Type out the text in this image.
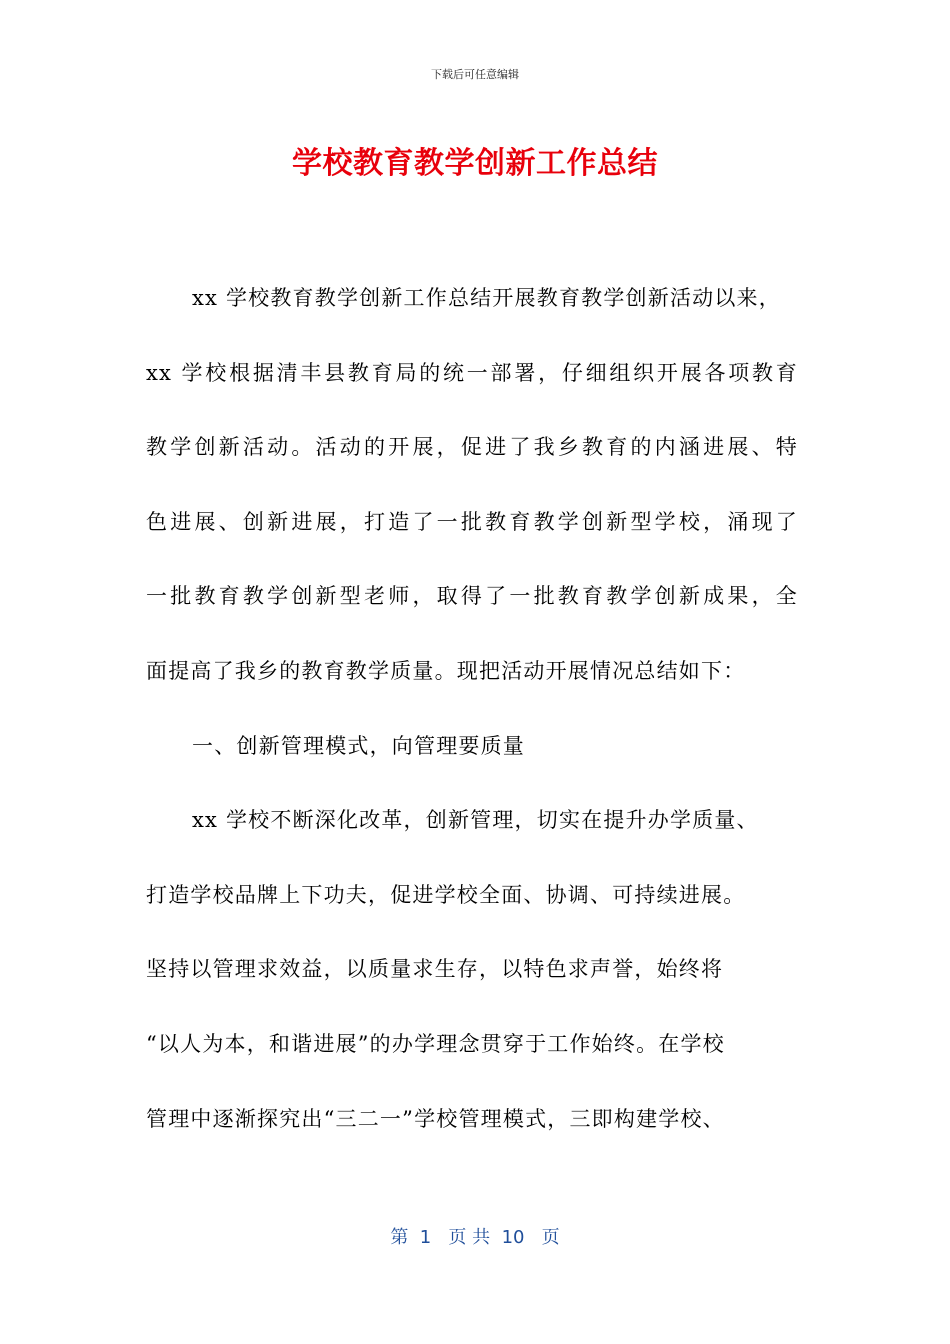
下载后可任意编辑
学校教育教学创新工作总结
xx 学校教育教学创新工作总结开展教育教学创新活动以来，
xx 学校根据清丰县教育局的统一部署，仔细组织开展各项教育
教学创新活动。活动的开展，促进了我乡教育的内涵进展、特
色进展、创新进展，打造了一批教育教学创新型学校，涌现了
一批教育教学创新型老师，取得了一批教育教学创新成果，全
面提高了我乡的教育教学质量。现把活动开展情况总结如下：
一、创新管理模式，向管理要质量
xx 学校不断深化改革，创新管理，切实在提升办学质量、
打造学校品牌上下功夫，促进学校全面、协调、可持续进展。
坚持以管理求效益，以质量求生存，以特色求声誉，始终将
“以人为本，和谐进展”的办学理念贯穿于工作始终。在学校
管理中逐渐探究出“三二一”学校管理模式，三即构建学校、
第  1   页 共  10   页
